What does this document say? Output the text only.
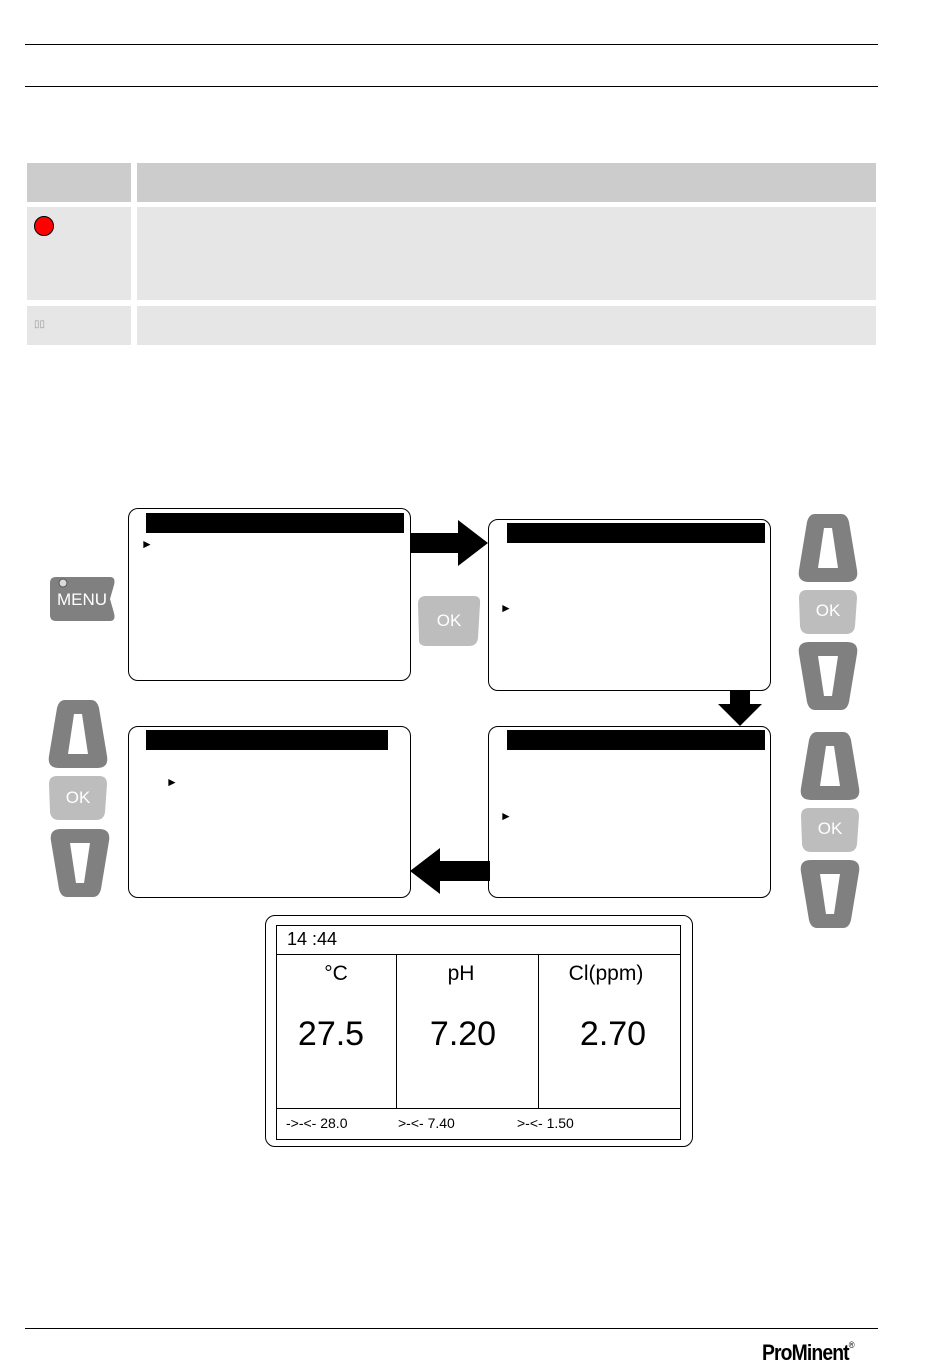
▯▯
►
►
►
►
MENU
OK
OK
OK
OK
14 :44
°C	pH	Cl(ppm)
27.5	7.20	2.70
->-<- 28.0	>-<- 7.40	>-<- 1.50
ProMinent®
